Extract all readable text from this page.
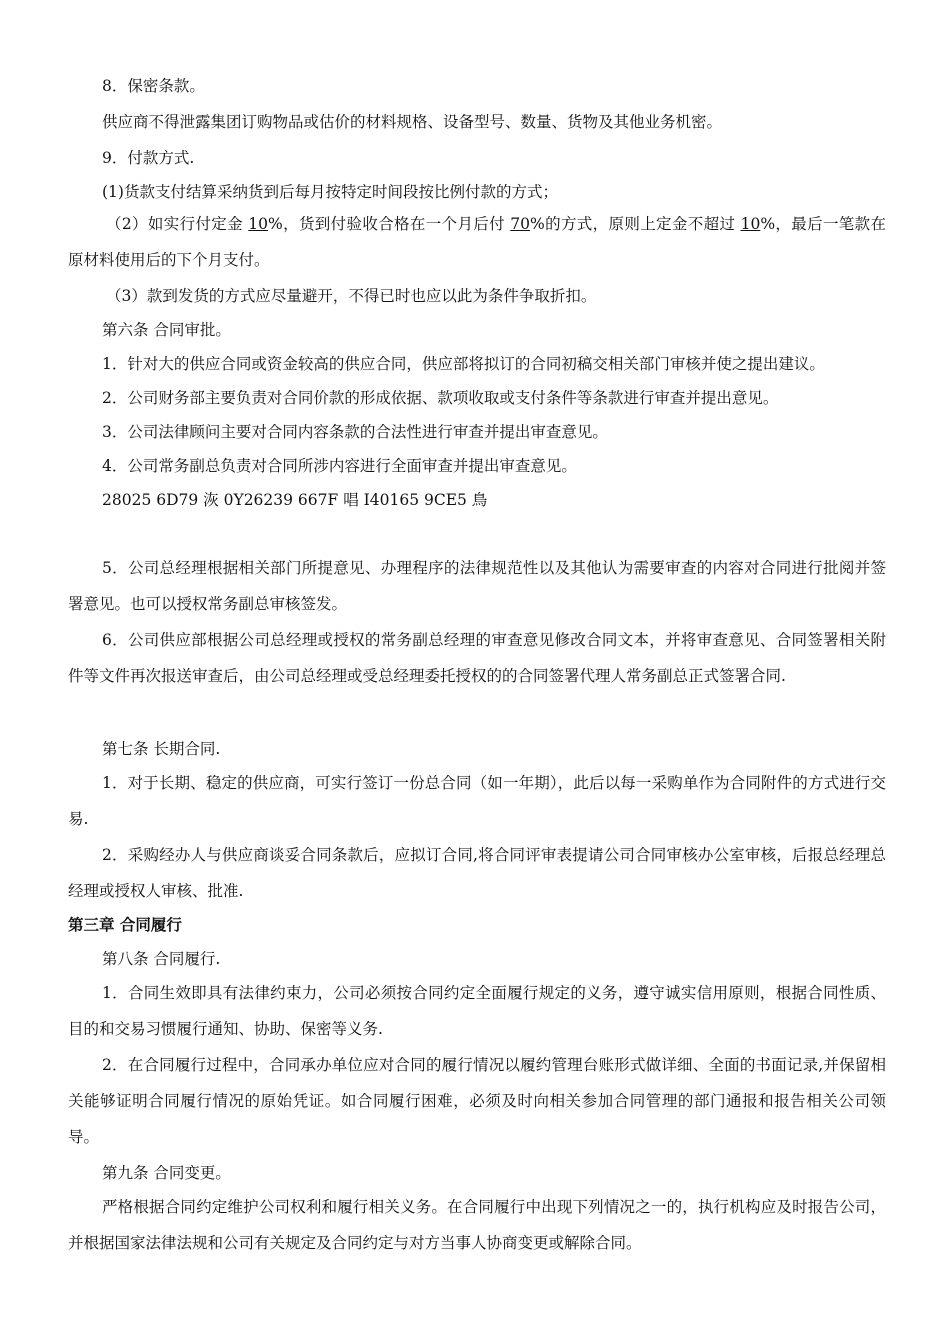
8．保密条款。

供应商不得泄露集团订购物品或估价的材料规格、设备型号、数量、货物及其他业务机密。

9．付款方式.

(1)货款支付结算采纳货到后每月按特定时间段按比例付款的方式；

（2）如实行付定金 10%，货到付验收合格在一个月后付 70%的方式，原则上定金不超过 10%，最后一笔款在 原材料使用后的下个月支付。

（3）款到发货的方式应尽量避开，不得已时也应以此为条件争取折扣。

第六条 合同审批。

1．针对大的供应合同或资金较高的供应合同，供应部将拟订的合同初稿交相关部门审核并使之提出建议。

2．公司财务部主要负责对合同价款的形成依据、款项收取或支付条件等条款进行审查并提出意见。

3．公司法律顾问主要对合同内容条款的合法性进行审查并提出审查意见。

4．公司常务副总负责对合同所涉内容进行全面审查并提出审查意见。

28025 6D79 洃 0Y26239 667F 唱 I40165 9CE5 鳥

5．公司总经理根据相关部门所提意见、办理程序的法律规范性以及其他认为需要审查的内容对合同进行批阅并签署意见。也可以授权常务副总审核签发。

6．公司供应部根据公司总经理或授权的常务副总经理的审查意见修改合同文本，并将审查意见、合同签署相关附件等文件再次报送审查后，由公司总经理或受总经理委托授权的的合同签署代理人常务副总正式签署合同.

第七条 长期合同.

1．对于长期、稳定的供应商，可实行签订一份总合同（如一年期），此后以每一采购单作为合同附件的方式进行交易.

2．采购经办人与供应商谈妥合同条款后，应拟订合同,将合同评审表提请公司合同审核办公室审核，后报总经理总经理或授权人审核、批准.

第三章 合同履行

第八条 合同履行.

1．合同生效即具有法律约束力，公司必须按合同约定全面履行规定的义务，遵守诚实信用原则，根据合同性质、目的和交易习惯履行通知、协助、保密等义务.

2．在合同履行过程中，合同承办单位应对合同的履行情况以履约管理台账形式做详细、全面的书面记录,并保留相关能够证明合同履行情况的原始凭证。如合同履行困难，必须及时向相关参加合同管理的部门通报和报告相关公司领导。

第九条 合同变更。

严格根据合同约定维护公司权利和履行相关义务。在合同履行中出现下列情况之一的，执行机构应及时报告公司，并根据国家法律法规和公司有关规定及合同约定与对方当事人协商变更或解除合同。
